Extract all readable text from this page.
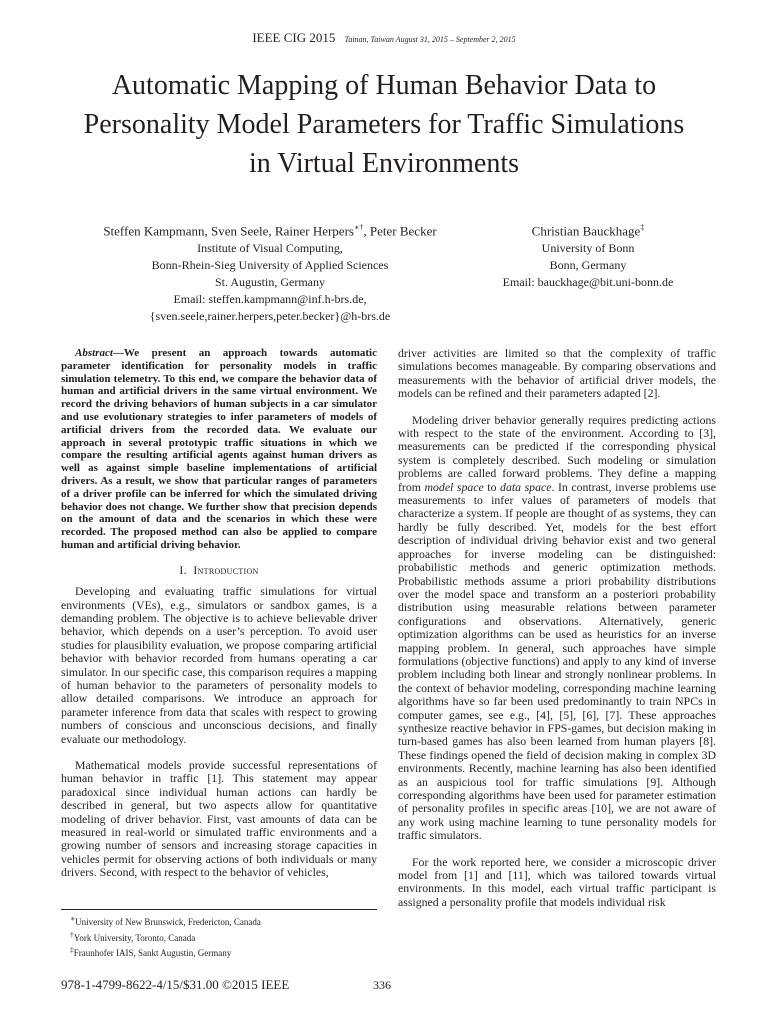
IEEE CIG 2015 Tainan, Taiwan August 31, 2015 – September 2, 2015
Automatic Mapping of Human Behavior Data to
Personality Model Parameters for Traffic Simulations
in Virtual Environments
Steffen Kampmann, Sven Seele, Rainer Herpers∗†, Peter Becker
Institute of Visual Computing,
Bonn-Rhein-Sieg University of Applied Sciences
St. Augustin, Germany
Email: steffen.kampmann@inf.h-brs.de,
{sven.seele,rainer.herpers,peter.becker}@h-brs.de
Christian Bauckhage‡
University of Bonn
Bonn, Germany
Email: bauckhage@bit.uni-bonn.de

Abstract—We present an approach towards automatic parameter identification for personality models in traffic simulation telemetry. To this end, we compare the behavior data of human and artificial drivers in the same virtual environment. We record the driving behaviors of human subjects in a car simulator and use evolutionary strategies to infer parameters of models of artificial drivers from the recorded data. We evaluate our approach in several prototypic traffic situations in which we compare the resulting artificial agents against human drivers as well as against simple baseline implementations of artificial drivers. As a result, we show that particular ranges of parameters of a driver profile can be inferred for which the simulated driving behavior does not change. We further show that precision depends on the amount of data and the scenarios in which these were recorded. The proposed method can also be applied to compare human and artificial driving behavior.

I. Introduction

Developing and evaluating traffic simulations for virtual environments (VEs), e.g., simulators or sandbox games, is a demanding problem. The objective is to achieve believable driver behavior, which depends on a user’s perception. To avoid user studies for plausibility evaluation, we propose comparing artificial behavior with behavior recorded from humans operating a car simulator. In our specific case, this comparison requires a mapping of human behavior to the parameters of personality models to allow detailed comparisons. We introduce an approach for parameter inference from data that scales with respect to growing numbers of conscious and unconscious decisions, and finally evaluate our methodology.

Mathematical models provide successful representations of human behavior in traffic [1]. This statement may appear paradoxical since individual human actions can hardly be described in general, but two aspects allow for quantitative modeling of driver behavior. First, vast amounts of data can be measured in real-world or simulated traffic environments and a growing number of sensors and increasing storage capacities in vehicles permit for observing actions of both individuals or many drivers. Second, with respect to the behavior of vehicles,

driver activities are limited so that the complexity of traffic simulations becomes manageable. By comparing observations and measurements with the behavior of artificial driver models, the models can be refined and their parameters adapted [2].

Modeling driver behavior generally requires predicting actions with respect to the state of the environment. According to [3], measurements can be predicted if the corresponding physical system is completely described. Such modeling or simulation problems are called forward problems. They define a mapping from model space to data space. In contrast, inverse problems use measurements to infer values of parameters of models that characterize a system. If people are thought of as systems, they can hardly be fully described. Yet, models for the best effort description of individual driving behavior exist and two general approaches for inverse modeling can be distinguished: probabilistic methods and generic optimization methods. Probabilistic methods assume a priori probability distributions over the model space and transform an a posteriori probability distribution using measurable relations between parameter configurations and observations. Alternatively, generic optimization algorithms can be used as heuristics for an inverse mapping problem. In general, such approaches have simple formulations (objective functions) and apply to any kind of inverse problem including both linear and strongly nonlinear problems. In the context of behavior modeling, corresponding machine learning algorithms have so far been used predominantly to train NPCs in computer games, see e.g., [4], [5], [6], [7]. These approaches synthesize reactive behavior in FPS-games, but decision making in turn-based games has also been learned from human players [8]. These findings opened the field of decision making in complex 3D environments. Recently, machine learning has also been identified as an auspicious tool for traffic simulations [9]. Although corresponding algorithms have been used for parameter estimation of personality profiles in specific areas [10], we are not aware of any work using machine learning to tune personality models for traffic simulators.

For the work reported here, we consider a microscopic driver model from [1] and [11], which was tailored towards virtual environments. In this model, each virtual traffic participant is assigned a personality profile that models individual risk

∗University of New Brunswick, Fredericton, Canada
†York University, Toronto, Canada
‡Fraunhofer IAIS, Sankt Augustin, Germany
978-1-4799-8622-4/15/$31.00 ©2015 IEEE	336
